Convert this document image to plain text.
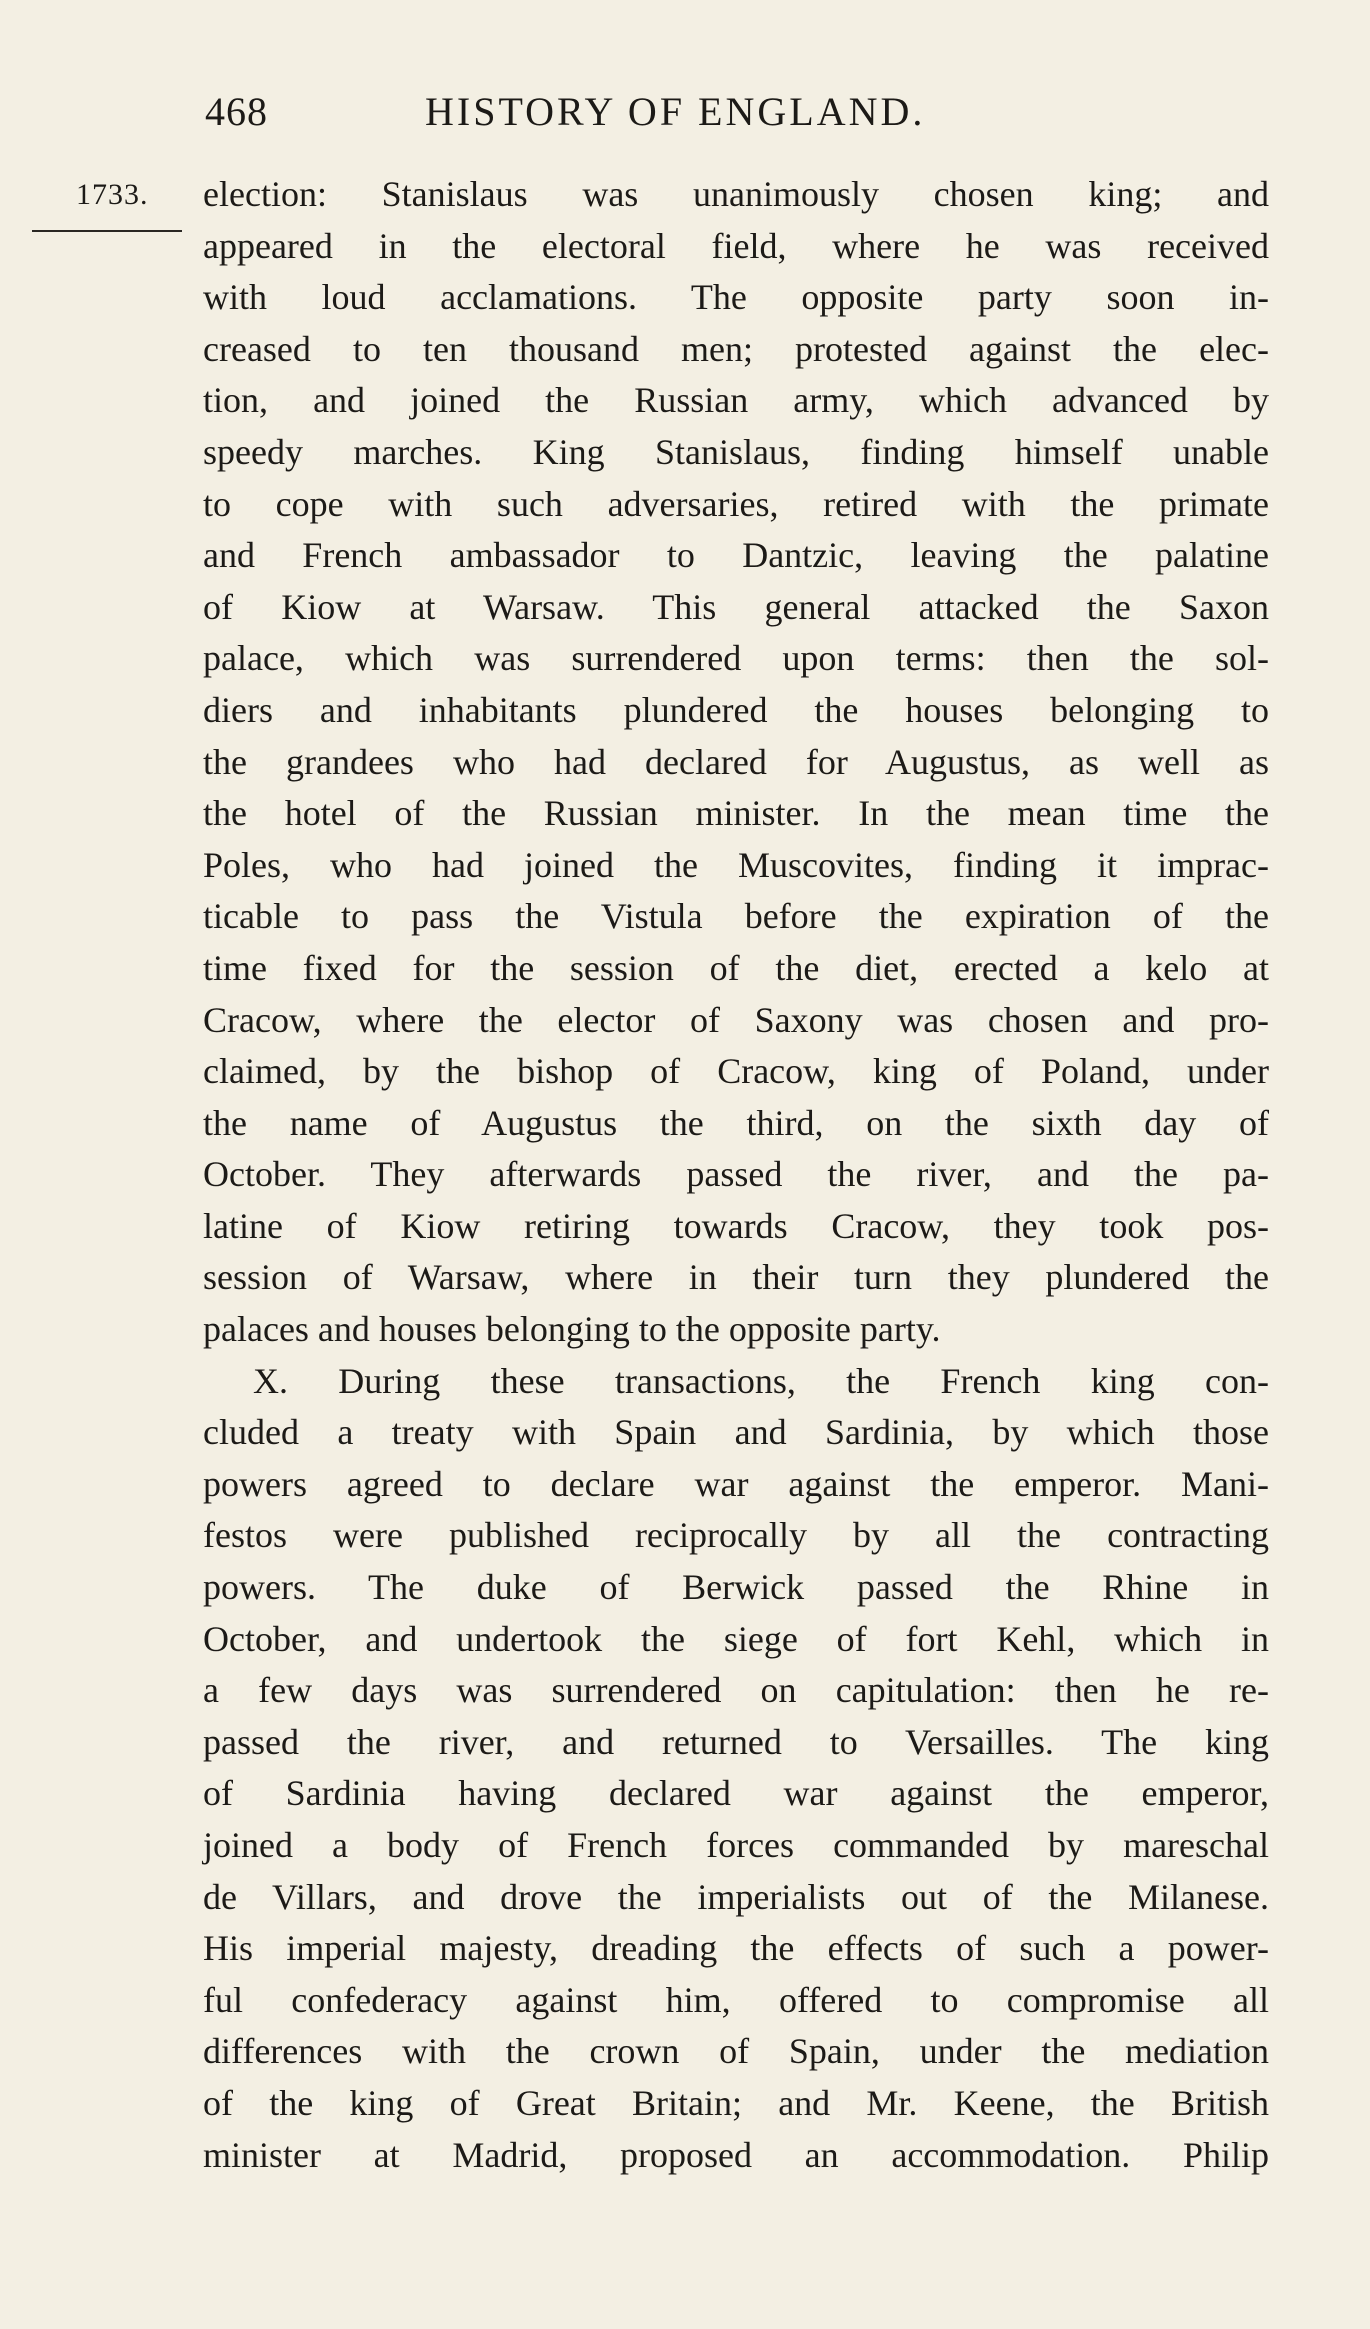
468	HISTORY OF ENGLAND.
1733. election: Stanislaus was unanimously chosen king; and
appeared in the electoral field, where he was received
with loud acclamations. The opposite party soon in-
creased to ten thousand men; protested against the elec-
tion, and joined the Russian army, which advanced by
speedy marches. King Stanislaus, finding himself unable
to cope with such adversaries, retired with the primate
and French ambassador to Dantzic, leaving the palatine
of Kiow at Warsaw. This general attacked the Saxon
palace, which was surrendered upon terms: then the sol-
diers and inhabitants plundered the houses belonging to
the grandees who had declared for Augustus, as well as
the hotel of the Russian minister. In the mean time the
Poles, who had joined the Muscovites, finding it imprac-
ticable to pass the Vistula before the expiration of the
time fixed for the session of the diet, erected a kelo at
Cracow, where the elector of Saxony was chosen and pro-
claimed, by the bishop of Cracow, king of Poland, under
the name of Augustus the third, on the sixth day of
October. They afterwards passed the river, and the pa-
latine of Kiow retiring towards Cracow, they took pos-
session of Warsaw, where in their turn they plundered the
palaces and houses belonging to the opposite party.
X. During these transactions, the French king con-
cluded a treaty with Spain and Sardinia, by which those
powers agreed to declare war against the emperor. Mani-
festos were published reciprocally by all the contracting
powers. The duke of Berwick passed the Rhine in
October, and undertook the siege of fort Kehl, which in
a few days was surrendered on capitulation: then he re-
passed the river, and returned to Versailles. The king
of Sardinia having declared war against the emperor,
joined a body of French forces commanded by mareschal
de Villars, and drove the imperialists out of the Milanese.
His imperial majesty, dreading the effects of such a power-
ful confederacy against him, offered to compromise all
differences with the crown of Spain, under the mediation
of the king of Great Britain; and Mr. Keene, the British
minister at Madrid, proposed an accommodation. Philip
